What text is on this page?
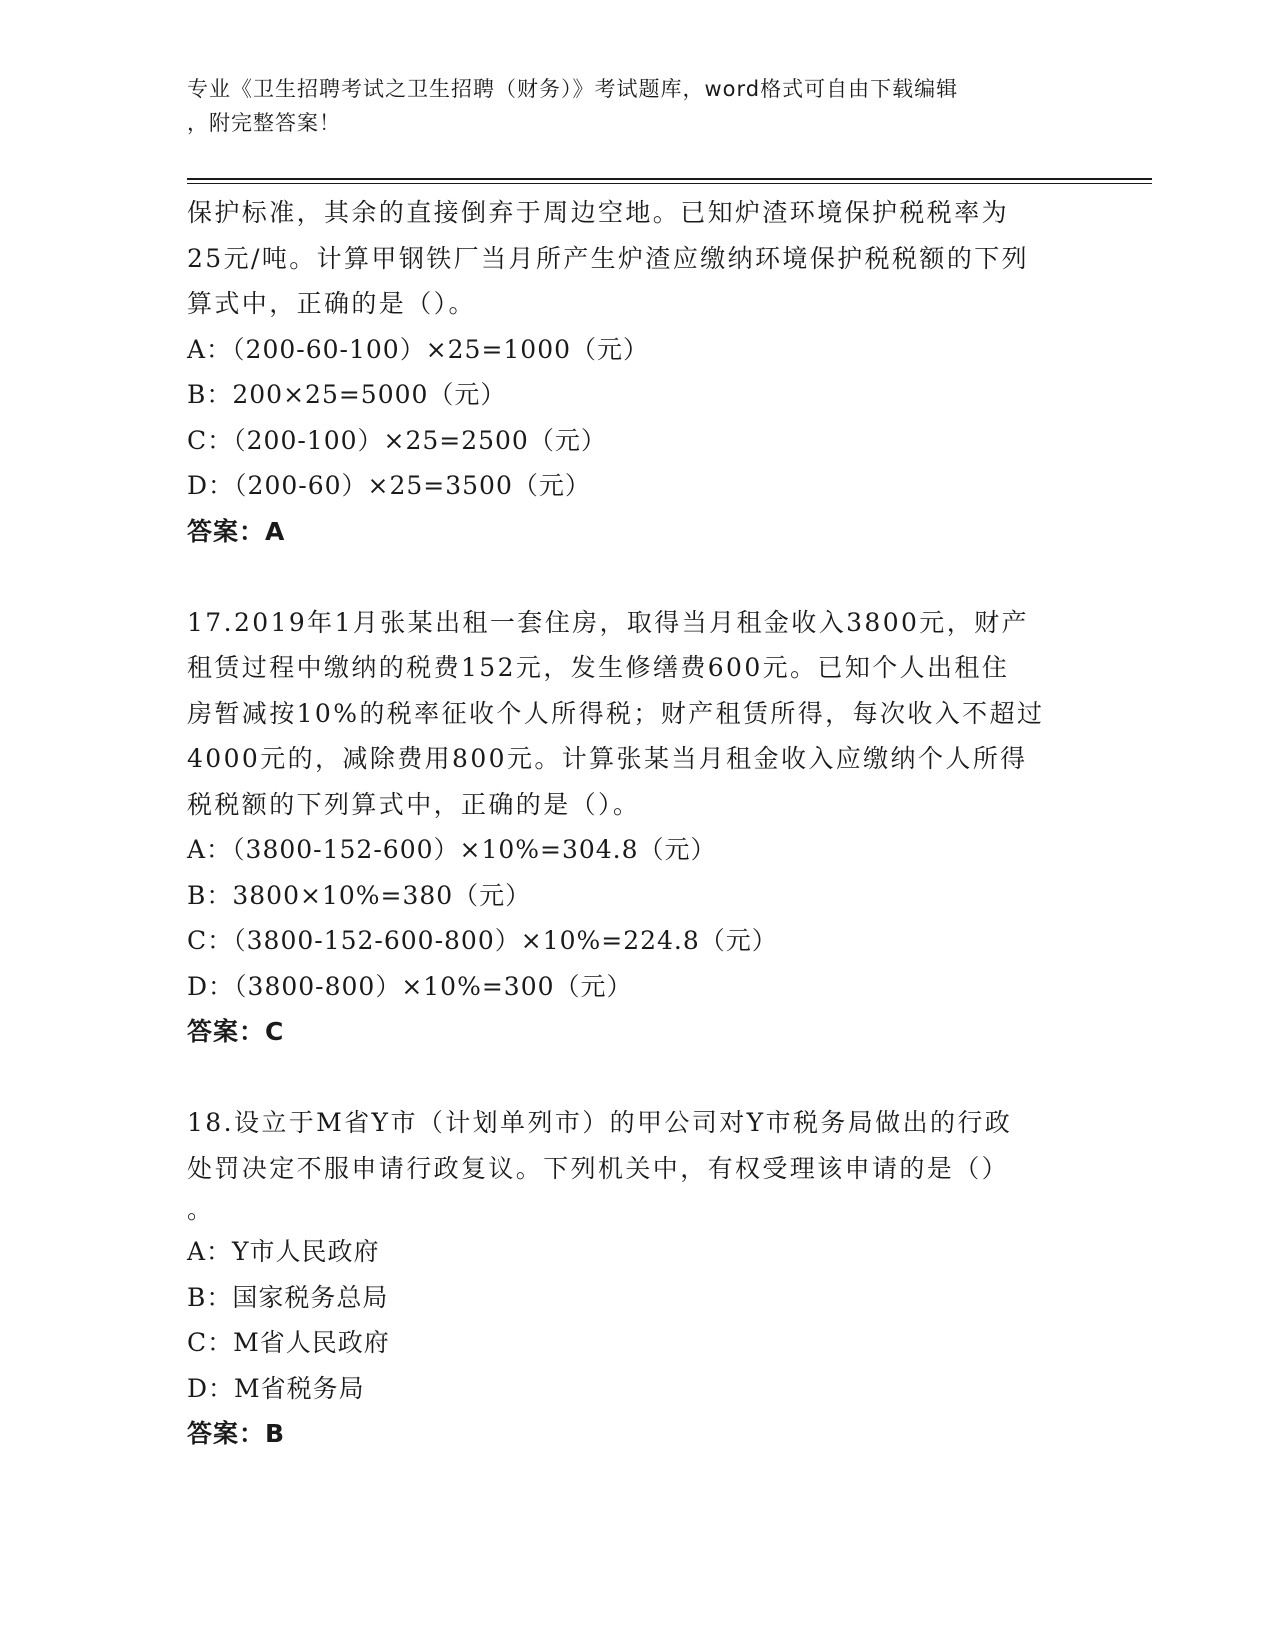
专业《卫生招聘考试之卫生招聘（财务）》考试题库，word格式可自由下载编辑
，附完整答案！
保护标准，其余的直接倒弃于周边空地。已知炉渣环境保护税税率为
25元/吨。计算甲钢铁厂当月所产生炉渣应缴纳环境保护税税额的下列
算式中，正确的是（）。
A：（200-60-100）×25=1000（元）
B：200×25=5000（元）
C：（200-100）×25=2500（元）
D：（200-60）×25=3500（元）
答案：A
17.2019年1月张某出租一套住房，取得当月租金收入3800元，财产
租赁过程中缴纳的税费152元，发生修缮费600元。已知个人出租住
房暂减按10%的税率征收个人所得税；财产租赁所得，每次收入不超过
4000元的，减除费用800元。计算张某当月租金收入应缴纳个人所得
税税额的下列算式中，正确的是（）。
A：（3800-152-600）×10%=304.8（元）
B：3800×10%=380（元）
C：（3800-152-600-800）×10%=224.8（元）
D：（3800-800）×10%=300（元）
答案：C
18.设立于M省Y市（计划单列市）的甲公司对Y市税务局做出的行政
处罚决定不服申请行政复议。下列机关中，有权受理该申请的是（）
。
A：Y市人民政府
B：国家税务总局
C：M省人民政府
D：M省税务局
答案：B
